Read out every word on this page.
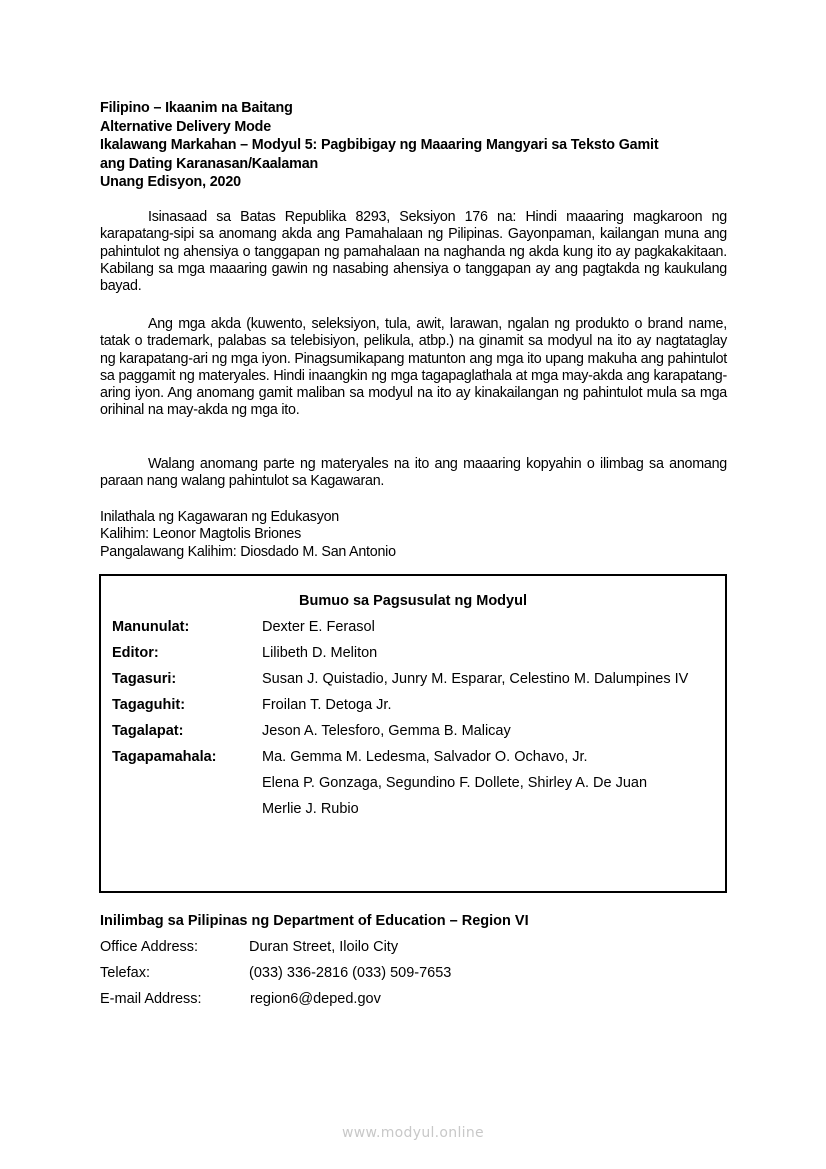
Filipino – Ikaanim na Baitang
Alternative Delivery Mode
Ikalawang Markahan – Modyul 5: Pagbibigay ng Maaaring Mangyari sa Teksto Gamit
ang Dating Karanasan/Kaalaman
Unang Edisyon, 2020
Isinasaad sa Batas Republika 8293, Seksiyon 176 na: Hindi maaaring magkaroon ng karapatang-sipi sa anomang akda ang Pamahalaan ng Pilipinas. Gayonpaman, kailangan muna ang pahintulot ng ahensiya o tanggapan ng pamahalaan na naghanda ng akda kung ito ay pagkakakitaan. Kabilang sa mga maaaring gawin ng nasabing ahensiya o tanggapan ay ang pagtakda ng kaukulang bayad.
Ang mga akda (kuwento, seleksiyon, tula, awit, larawan, ngalan ng produkto o brand name, tatak o trademark, palabas sa telebisiyon, pelikula, atbp.) na ginamit sa modyul na ito ay nagtataglay ng karapatang-ari ng mga iyon. Pinagsumikapang matunton ang mga ito upang makuha ang pahintulot sa paggamit ng materyales. Hindi inaangkin ng mga tagapaglathala at mga may-akda ang karapatang-aring iyon. Ang anomang gamit maliban sa modyul na ito ay kinakailangan ng pahintulot mula sa mga orihinal na may-akda ng mga ito.
Walang anomang parte ng materyales na ito ang maaaring kopyahin o ilimbag sa anomang paraan nang walang pahintulot sa Kagawaran.
Inilathala ng Kagawaran ng Edukasyon
Kalihim: Leonor Magtolis Briones
Pangalawang Kalihim: Diosdado M. San Antonio
Bumuo sa Pagsusulat ng Modyul
Manunulat:	Dexter E. Ferasol
Editor:	Lilibeth D. Meliton
Tagasuri:	Susan J. Quistadio, Junry M. Esparar, Celestino M. Dalumpines IV
Tagaguhit:	Froilan T. Detoga Jr.
Tagalapat:	Jeson A. Telesforo, Gemma B. Malicay
Tagapamahala:	Ma. Gemma M. Ledesma, Salvador O. Ochavo, Jr.
Elena P. Gonzaga, Segundino F. Dollete, Shirley A. De Juan
Merlie J. Rubio
Inilimbag sa Pilipinas ng Department of Education – Region VI
Office Address:	Duran Street, Iloilo City
Telefax:	(033) 336-2816 (033) 509-7653
E-mail Address:	region6@deped.gov
www.modyul.online
